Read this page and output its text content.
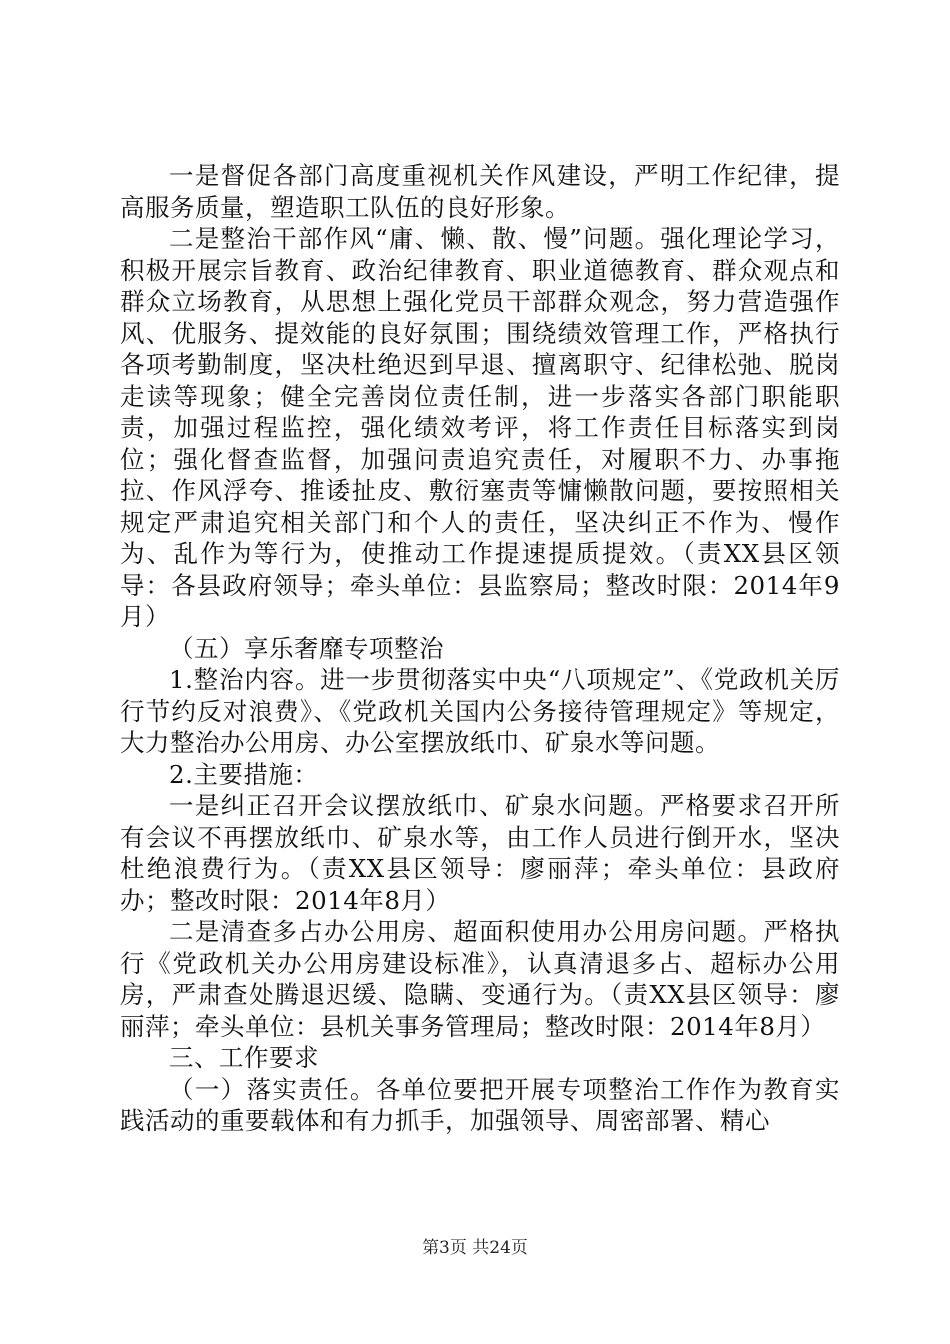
一是督促各部门高度重视机关作风建设，严明工作纪律，提高服务质量，塑造职工队伍的良好形象。

二是整治干部作风“庸、懒、散、慢”问题。强化理论学习，积极开展宗旨教育、政治纪律教育、职业道德教育、群众观点和群众立场教育，从思想上强化党员干部群众观念，努力营造强作风、优服务、提效能的良好氛围；围绕绩效管理工作，严格执行各项考勤制度，坚决杜绝迟到早退、擅离职守、纪律松弛、脱岗走读等现象；健全完善岗位责任制，进一步落实各部门职能职责，加强过程监控，强化绩效考评，将工作责任目标落实到岗位；强化督查监督，加强问责追究责任，对履职不力、办事拖拉、作风浮夸、推诿扯皮、敷衍塞责等慵懒散问题，要按照相关规定严肃追究相关部门和个人的责任，坚决纠正不作为、慢作为、乱作为等行为，使推动工作提速提质提效。（责XX县区领导：各县政府领导；牵头单位：县监察局；整改时限：2014年9月）

（五）享乐奢靡专项整治

1.整治内容。进一步贯彻落实中央“八项规定”、《党政机关厉行节约反对浪费》、《党政机关国内公务接待管理规定》等规定，大力整治办公用房、办公室摆放纸巾、矿泉水等问题。

2.主要措施：

一是纠正召开会议摆放纸巾、矿泉水问题。严格要求召开所有会议不再摆放纸巾、矿泉水等，由工作人员进行倒开水，坚决杜绝浪费行为。（责XX县区领导：廖丽萍；牵头单位：县政府办；整改时限：2014年8月）

二是清查多占办公用房、超面积使用办公用房问题。严格执行《党政机关办公用房建设标准》，认真清退多占、超标办公用房，严肃查处腾退迟缓、隐瞒、变通行为。（责XX县区领导：廖丽萍；牵头单位：县机关事务管理局；整改时限：2014年8月）

三、工作要求

（一）落实责任。各单位要把开展专项整治工作作为教育实践活动的重要载体和有力抓手，加强领导、周密部署、精心

第3页 共24页
